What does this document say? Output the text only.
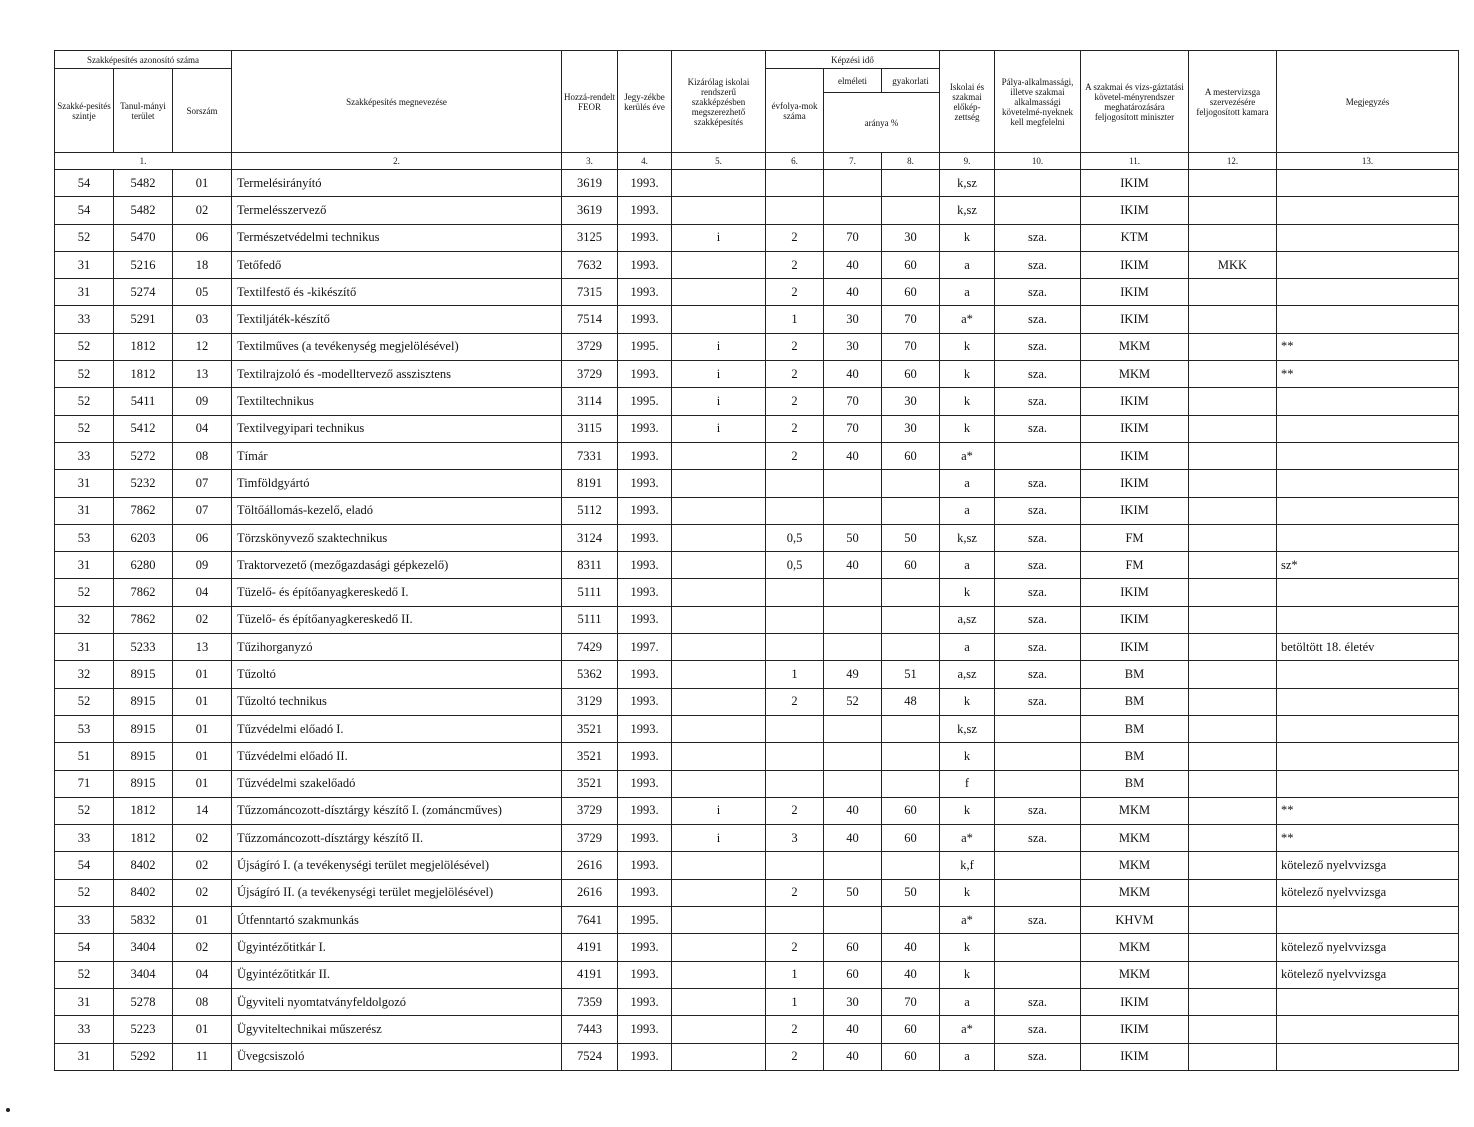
Szakképesítés azonosító száma			Szakképesítés megnevezése	Hozzá-rendelt FEOR	Jegy-zékbe kerülés éve	Kizárólag iskolai rendszerű szakképzésben megszerezhető szakképesítés	Képzési idő			Iskolai és szakmai előkép-zettség	Pálya-alkalmassági, illetve szakmai alkalmassági követelmé-nyeknek kell megfelelni	A szakmai és vizs-gáztatási követel-ményrendszer meghatározására feljogosított miniszter	A mestervizsga szervezésére feljogosított kamara	Megjegyzés
Szakké-pesítés szintje	Tanul-mányi terület	Sorszám					évfolya-mok száma	elméleti	gyakorlati					
								aránya %						
1.			2.	3.	4.	5.	6.	7.	8.	9.	10.	11.	12.	13.
54	5482	01	Termelésirányító	3619	1993.					k,sz		IKIM		
54	5482	02	Termelésszervező	3619	1993.					k,sz		IKIM		
52	5470	06	Természetvédelmi technikus	3125	1993.	i	2	70	30	k	sza.	KTM		
31	5216	18	Tetőfedő	7632	1993.		2	40	60	a	sza.	IKIM	MKK	
31	5274	05	Textilfestő és -kikészítő	7315	1993.		2	40	60	a	sza.	IKIM		
33	5291	03	Textiljáték-készítő	7514	1993.		1	30	70	a*	sza.	IKIM		
52	1812	12	Textilműves (a tevékenység megjelölésével)	3729	1995.	i	2	30	70	k	sza.	MKM		**
52	1812	13	Textilrajzoló és -modelltervező asszisztens	3729	1993.	i	2	40	60	k	sza.	MKM		**
52	5411	09	Textiltechnikus	3114	1995.	i	2	70	30	k	sza.	IKIM		
52	5412	04	Textilvegyipari technikus	3115	1993.	i	2	70	30	k	sza.	IKIM		
33	5272	08	Tímár	7331	1993.		2	40	60	a*		IKIM		
31	5232	07	Timföldgyártó	8191	1993.					a	sza.	IKIM		
31	7862	07	Töltőállomás-kezelő, eladó	5112	1993.					a	sza.	IKIM		
53	6203	06	Törzskönyvező szaktechnikus	3124	1993.		0,5	50	50	k,sz	sza.	FM		
31	6280	09	Traktorvezető (mezőgazdasági gépkezelő)	8311	1993.		0,5	40	60	a	sza.	FM		sz*
52	7862	04	Tüzelő- és építőanyagkereskedő I.	5111	1993.					k	sza.	IKIM		
32	7862	02	Tüzelő- és építőanyagkereskedő II.	5111	1993.					a,sz	sza.	IKIM		
31	5233	13	Tűzihorganyzó	7429	1997.					a	sza.	IKIM		betöltött 18. életév
32	8915	01	Tűzoltó	5362	1993.		1	49	51	a,sz	sza.	BM		
52	8915	01	Tűzoltó technikus	3129	1993.		2	52	48	k	sza.	BM		
53	8915	01	Tűzvédelmi előadó I.	3521	1993.					k,sz		BM		
51	8915	01	Tűzvédelmi előadó II.	3521	1993.					k		BM		
71	8915	01	Tűzvédelmi szakelőadó	3521	1993.					f		BM		
52	1812	14	Tűzzománcozott-dísztárgy készítő I. (zománcműves)	3729	1993.	i	2	40	60	k	sza.	MKM		**
33	1812	02	Tűzzománcozott-dísztárgy készítő II.	3729	1993.	i	3	40	60	a*	sza.	MKM		**
54	8402	02	Újságíró I. (a tevékenységi terület megjelölésével)	2616	1993.					k,f		MKM		kötelező nyelvvizsga
52	8402	02	Újságíró II. (a tevékenységi terület megjelölésével)	2616	1993.		2	50	50	k		MKM		kötelező nyelvvizsga
33	5832	01	Útfenntartó szakmunkás	7641	1995.					a*	sza.	KHVM		
54	3404	02	Ügyintézőtitkár I.	4191	1993.		2	60	40	k		MKM		kötelező nyelvvizsga
52	3404	04	Ügyintézőtitkár II.	4191	1993.		1	60	40	k		MKM		kötelező nyelvvizsga
31	5278	08	Ügyviteli nyomtatványfeldolgozó	7359	1993.		1	30	70	a	sza.	IKIM		
33	5223	01	Ügyviteltechnikai műszerész	7443	1993.		2	40	60	a*	sza.	IKIM		
31	5292	11	Üvegcsiszoló	7524	1993.		2	40	60	a	sza.	IKIM		
